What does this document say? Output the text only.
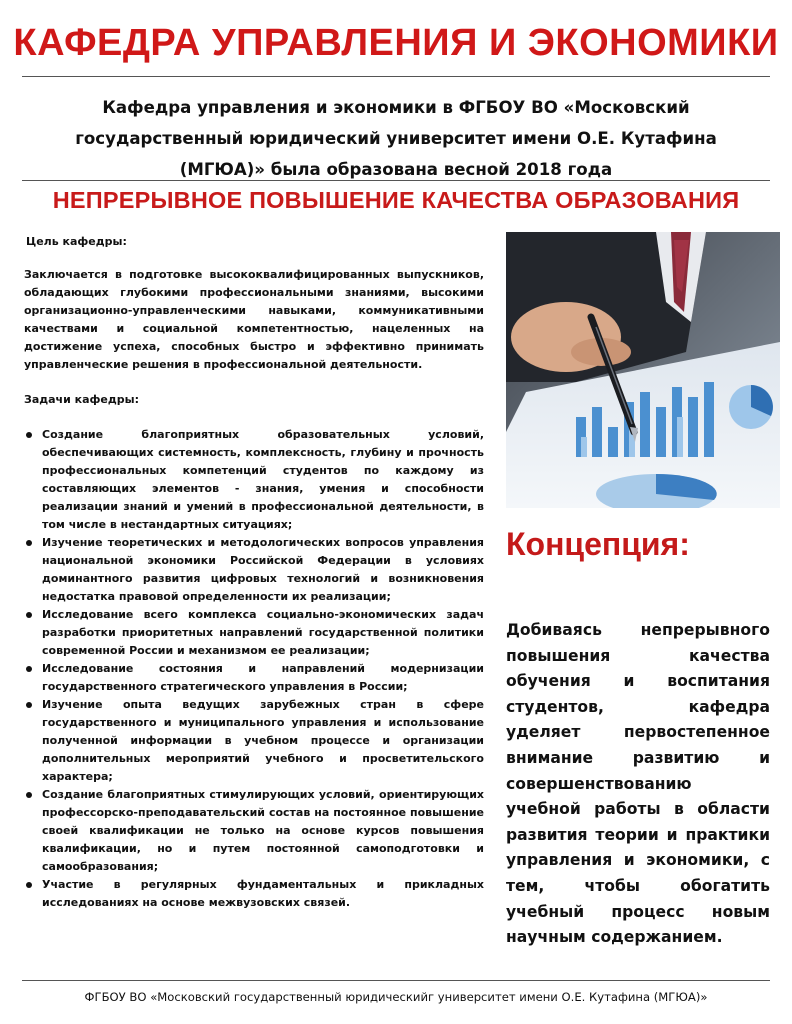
КАФЕДРА УПРАВЛЕНИЯ И ЭКОНОМИКИ

Кафедра управления и экономики в ФГБОУ ВО «Московский государственный юридический университет имени О.Е. Кутафина (МГЮА)» была образована весной 2018 года

НЕПРЕРЫВНОЕ ПОВЫШЕНИЕ КАЧЕСТВА ОБРАЗОВАНИЯ

Цель кафедры:

Заключается в подготовке высококвалифицированных выпускников, обладающих глубокими профессиональными знаниями, высокими организационно-управленческими навыками, коммуникативными качествами и социальной компетентностью, нацеленных на достижение успеха, способных быстро и эффективно принимать управленческие решения в профессиональной деятельности.

Задачи кафедры:

Создание благоприятных образовательных условий, обеспечивающих системность, комплексность, глубину и прочность профессиональных компетенций студентов по каждому из составляющих элементов - знания, умения и способности реализации знаний и умений в профессиональной деятельности, в том числе в нестандартных ситуациях;
Изучение теоретических и методологических вопросов управления национальной экономики Российской Федерации в условиях доминантного развития цифровых технологий и возникновения недостатка правовой определенности их реализации;
Исследование всего комплекса социально-экономических задач разработки приоритетных направлений государственной политики современной России и механизмом ее реализации;
Исследование состояния и направлений модернизации государственного стратегического управления в России;
Изучение опыта ведущих зарубежных стран в сфере государственного и муниципального управления и использование полученной информации в учебном процессе и организации дополнительных мероприятий учебного и просветительского характера;
Создание благоприятных стимулирующих условий, ориентирующих профессорско-преподавательский состав на постоянное повышение своей квалификации не только на основе курсов повышения квалификации, но и путем постоянной самоподготовки и самообразования;
Участие в регулярных фундаментальных и прикладных исследованиях на основе межвузовских связей.
Концепция:

Добиваясь непрерывного повышения качества обучения и воспитания студентов, кафедра уделяет первостепенное внимание развитию и совершенствованию учебной работы в области развития теории и практики управления и экономики, с тем, чтобы обогатить учебный процесс новым научным содержанием.

ФГБОУ ВО «Московский государственный юридическийг университет имени О.Е. Кутафина (МГЮА)»
